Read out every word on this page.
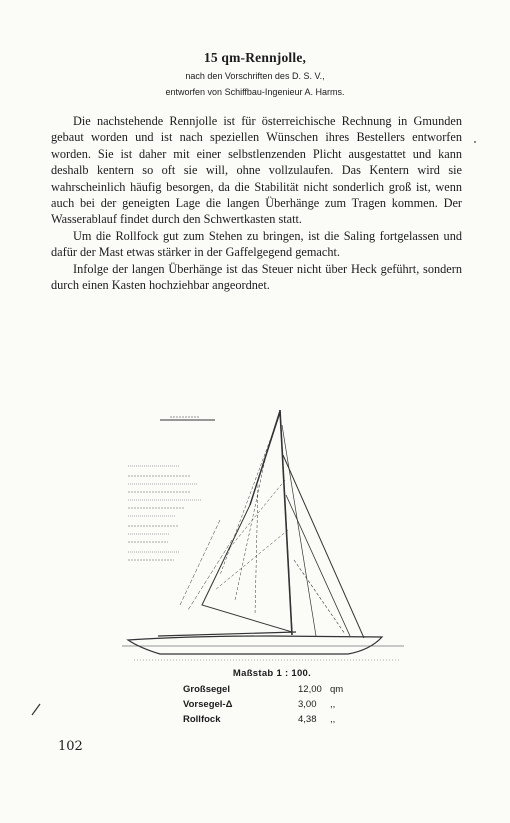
15 qm-Rennjolle,
nach den Vorschriften des D. S. V.,
entworfen von Schiffbau-Ingenieur A. Harms.

Die nachstehende Rennjolle ist für österreichische Rechnung in Gmunden gebaut worden und ist nach speziellen Wünschen ihres Bestellers entworfen worden. Sie ist daher mit einer selbstlenzenden Plicht ausgestattet und kann deshalb kentern so oft sie will, ohne vollzulaufen. Das Kentern wird sie wahrscheinlich häufig besorgen, da die Stabilität nicht sonderlich groß ist, wenn auch bei der geneigten Lage die langen Überhänge zum Tragen kommen. Der Wasserablauf findet durch den Schwertkasten statt.

Um die Rollfock gut zum Stehen zu bringen, ist die Saling fortgelassen und dafür der Mast etwas stärker in der Gaffelgegend gemacht.

Infolge der langen Überhänge ist das Steuer nicht über Heck geführt, sondern durch einen Kasten hochziehbar angeordnet.

Maßstab 1 : 100.
Großsegel	12,00 qm
Vorsegel-Δ	3,00 ,,
Rollfock	4,38 ,,
102
